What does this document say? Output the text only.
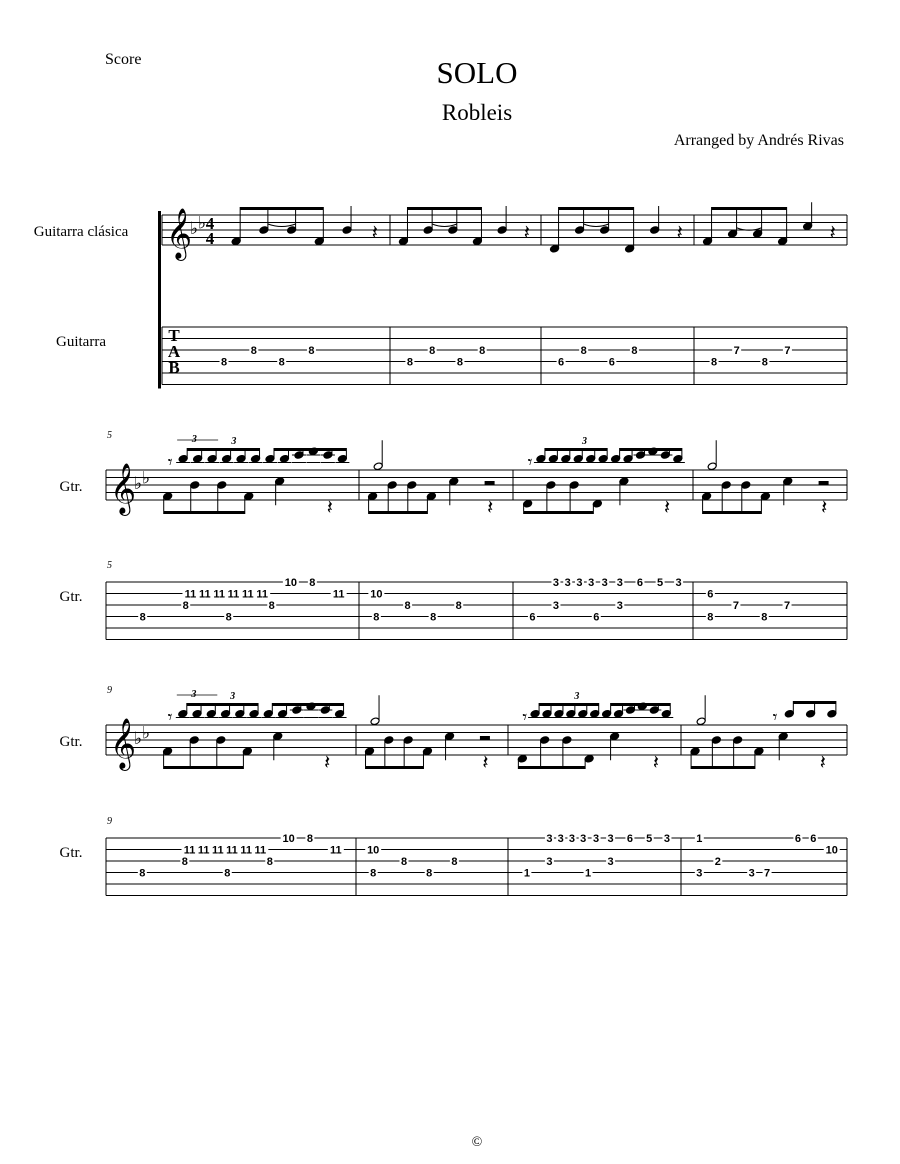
Score	SOLO
Robleis
Arranged by Andrés Rivas
©
Guitarra clásica
Guitarra
𝄞
♭ ♭ 4
4
T
A
B	8
8
8
8
8
8
8
8
6
8
6
8
8
7
8
7
𝄽	𝄽	𝄽	𝄽
Gtr.
Gtr.
5
5
𝄞
♭ ♭
8
8
8
8
11 11 11 11 11 11
10 8
11 10
8
8
8
8
6
3
6
3
3 3 3 3 3 3 6 5 3
6
8
7
8
7
𝄽
𝄾
3
3
𝄽	𝄽
𝄾
3
𝄽
Gtr.
Gtr.
9
9
𝄞
♭ ♭
8
8
8
8
11 11 11 11 11 11
10 8
11 10
8
8
8
8
1
3
1
3
3 3 3 3 3 3 6 5 3 1
3
2
3 7
6 6
10
𝄽
𝄾
3
3
𝄽	𝄽
𝄾
3
𝄽
𝄾
